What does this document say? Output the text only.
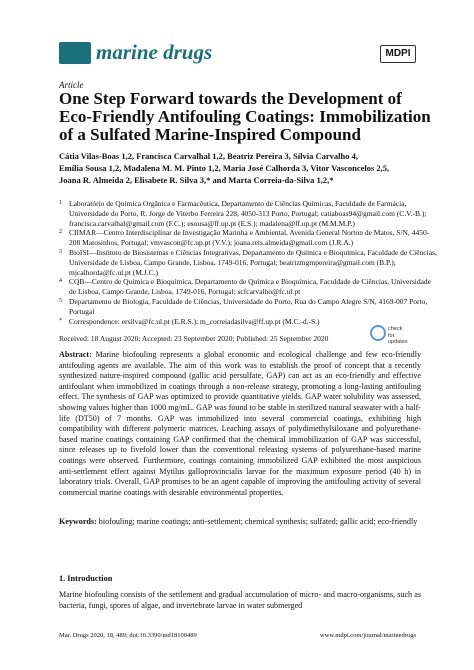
marine drugs	MDPI
Article
One Step Forward towards the Development of Eco-Friendly Antifouling Coatings: Immobilization of a Sulfated Marine-Inspired Compound
Cátia Vilas-Boas 1,2, Francisca Carvalhal 1,2, Beatriz Pereira 3, Sílvia Carvalho 4,
Emília Sousa 1,2, Madalena M. M. Pinto 1,2, Maria José Calhorda 3, Vitor Vasconcelos 2,5,
Joana R. Almeida 2, Elisabete R. Silva 3,* and Marta Correia-da-Silva 1,2,*
1 Laboratório de Química Orgânica e Farmacêutica, Departamento de Ciências Químicas, Faculdade de Farmácia, Universidade do Porto, R. Jorge de Viterbo Ferreira 228, 4050-313 Porto, Portugal; catiaboas94@gmail.com (C.V.-B.); francisca.carvalhal@gmail.com (F.C.); esousa@ff.up.pt (E.S.); madalena@ff.up.pt (M.M.M.P.)
2 CIIMAR—Centro Interdisciplinar de Investigação Marinha e Ambiental, Avenida General Norton de Matos, S/N, 4450-208 Matosinhos, Portugal; vmvascon@fc.up.pt (V.V.); joana.reis.almeida@gmail.com (J.R.A.)
3 BioISI—Instituto de Biosistemas e Ciências Integrativas, Departamento de Química e Bioquímica, Faculdade de Ciências, Universidade de Lisboa, Campo Grande, Lisboa, 1749-016, Portugal; beatrizmgmpereira@gmail.com (B.P.); mjcalhorda@fc.ul.pt (M.J.C.)
4 CQB—Centro de Química e Bioquímica, Departamento de Química e Bioquímica, Faculdade de Ciências, Universidade de Lisboa, Campo Grande, Lisboa, 1749-016, Portugal; scfcarvalho@fc.ul.pt
5 Departamento de Biologia, Faculdade de Ciências, Universidade do Porto, Rua do Campo Alegre S/N, 4169-007 Porto, Portugal
* Correspondence: ersilva@fc.ul.pt (E.R.S.); m_correiadasilva@ff.up.pt (M.C.-d.-S.)
Received: 18 August 2020; Accepted: 23 September 2020; Published: 25 September 2020
check for updates
Abstract: Marine biofouling represents a global economic and ecological challenge and few eco-friendly antifouling agents are available. The aim of this work was to establish the proof of concept that a recently synthesized nature-inspired compound (gallic acid persulfate, GAP) can act as an eco-friendly and effective antifoulant when immobilized in coatings through a non-release strategy, promoting a long-lasting antifouling effect. The synthesis of GAP was optimized to provide quantitative yields. GAP water solubility was assessed, showing values higher than 1000 mg/mL. GAP was found to be stable in sterilized natural seawater with a half-life (DT50) of 7 months. GAP was immobilized into several commercial coatings, exhibiting high compatibility with different polymeric matrices. Leaching assays of polydimethylsiloxane and polyurethane-based marine coatings containing GAP confirmed that the chemical immobilization of GAP was successful, since releases up to fivefold lower than the conventional releasing systems of polyurethane-based marine coatings were observed. Furthermore, coatings containing immobilized GAP exhibited the most auspicious anti-settlement effect against Mytilus galloprovincialis larvae for the maximum exposure period (40 h) in laboratory trials. Overall, GAP promises to be an agent capable of improving the antifouling activity of several commercial marine coatings with desirable environmental properties.
Keywords: biofouling; marine coatings; anti-settlement; chemical synthesis; sulfated; gallic acid; eco-friendly
1. Introduction
Marine biofouling consists of the settlement and gradual accumulation of micro- and macro-organisms, such as bacteria, fungi, spores of algae, and invertebrate larvae in water submerged
Mar. Drugs 2020, 18, 489; doi:10.3390/md18100489	www.mdpi.com/journal/marinedrugs
